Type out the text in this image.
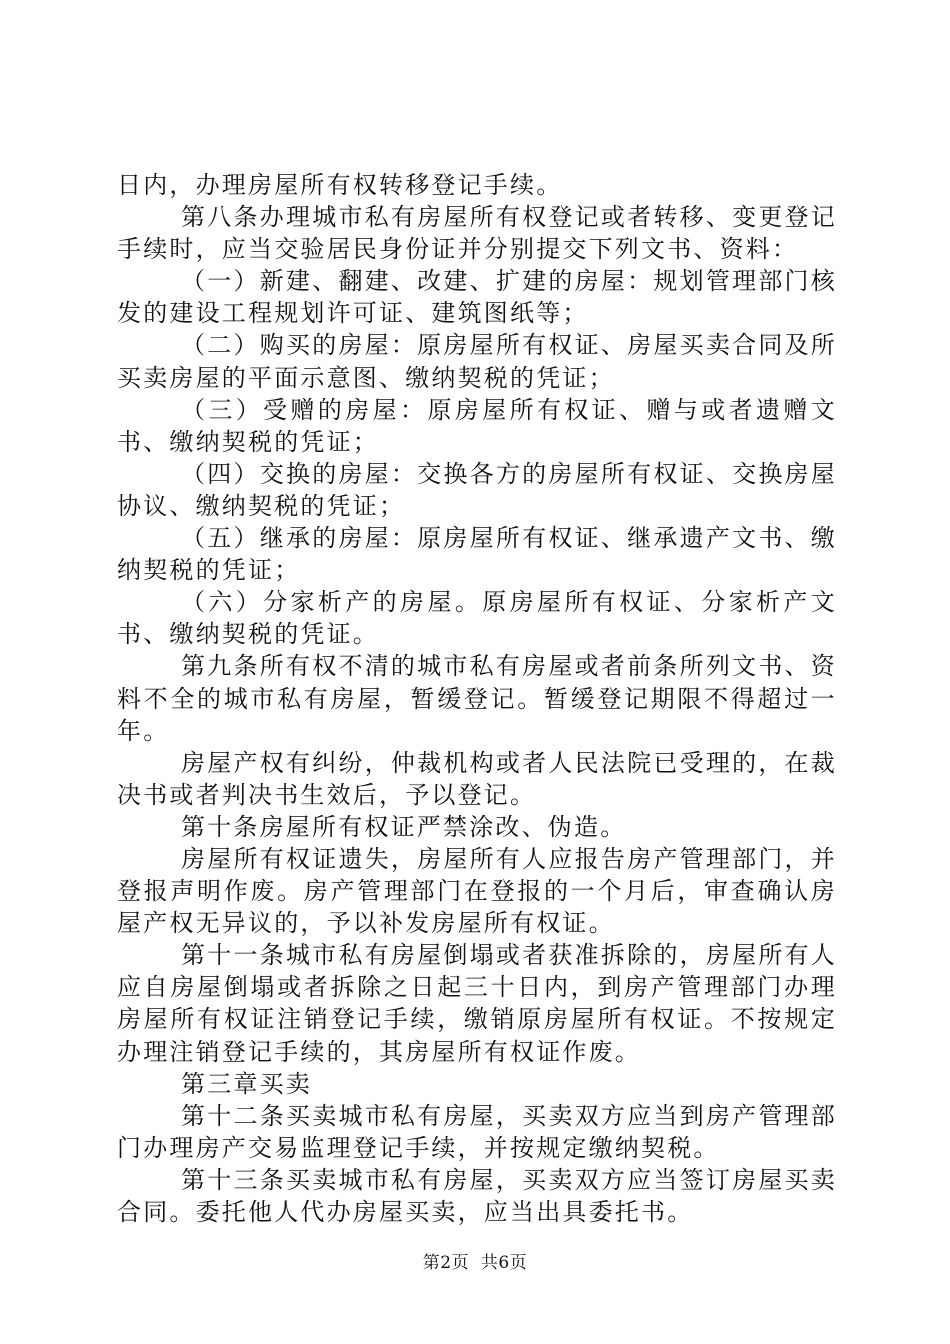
日内，办理房屋所有权转移登记手续。

第八条办理城市私有房屋所有权登记或者转移、变更登记手续时，应当交验居民身份证并分别提交下列文书、资料：

（一）新建、翻建、改建、扩建的房屋：规划管理部门核发的建设工程规划许可证、建筑图纸等；

（二）购买的房屋：原房屋所有权证、房屋买卖合同及所买卖房屋的平面示意图、缴纳契税的凭证；

（三）受赠的房屋：原房屋所有权证、赠与或者遗赠文书、缴纳契税的凭证；

（四）交换的房屋：交换各方的房屋所有权证、交换房屋协议、缴纳契税的凭证；

（五）继承的房屋：原房屋所有权证、继承遗产文书、缴纳契税的凭证；

（六）分家析产的房屋。原房屋所有权证、分家析产文书、缴纳契税的凭证。

第九条所有权不清的城市私有房屋或者前条所列文书、资料不全的城市私有房屋，暂缓登记。暂缓登记期限不得超过一年。

房屋产权有纠纷，仲裁机构或者人民法院已受理的，在裁决书或者判决书生效后，予以登记。

第十条房屋所有权证严禁涂改、伪造。

房屋所有权证遗失，房屋所有人应报告房产管理部门，并登报声明作废。房产管理部门在登报的一个月后，审查确认房屋产权无异议的，予以补发房屋所有权证。

第十一条城市私有房屋倒塌或者获准拆除的，房屋所有人应自房屋倒塌或者拆除之日起三十日内，到房产管理部门办理房屋所有权证注销登记手续，缴销原房屋所有权证。不按规定办理注销登记手续的，其房屋所有权证作废。

第三章买卖

第十二条买卖城市私有房屋，买卖双方应当到房产管理部门办理房产交易监理登记手续，并按规定缴纳契税。

第十三条买卖城市私有房屋，买卖双方应当签订房屋买卖合同。委托他人代办房屋买卖，应当出具委托书。

第2页 共6页
